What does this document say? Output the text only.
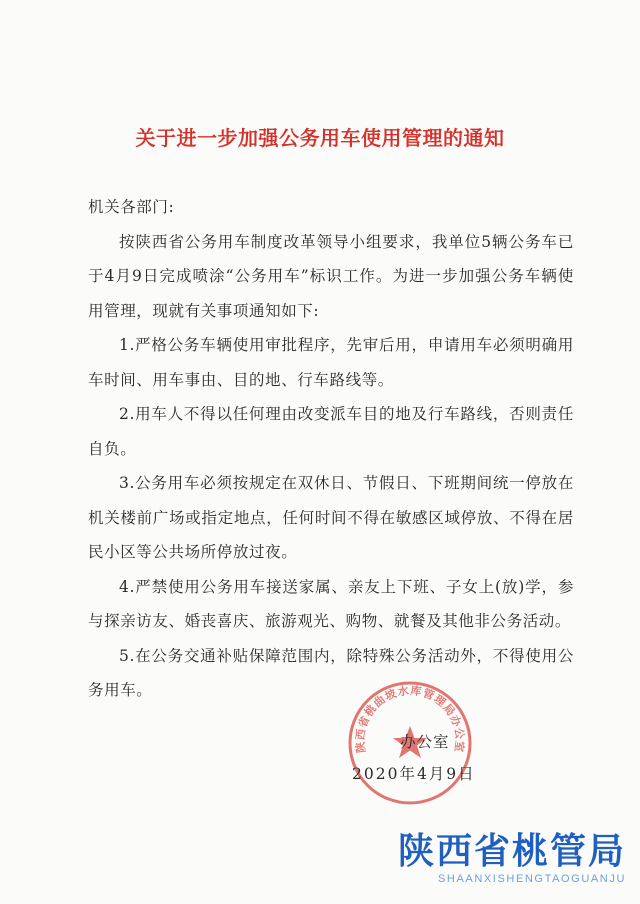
关于进一步加强公务用车使用管理的通知

机关各部门:

按陕西省公务用车制度改革领导小组要求，我单位5辆公务车已于4月9日完成喷涂“公务用车”标识工作。为进一步加强公务车辆使用管理，现就有关事项通知如下:

1.严格公务车辆使用审批程序，先审后用，申请用车必须明确用车时间、用车事由、目的地、行车路线等。

2.用车人不得以任何理由改变派车目的地及行车路线，否则责任自负。

3.公务用车必须按规定在双休日、节假日、下班期间统一停放在机关楼前广场或指定地点，任何时间不得在敏感区域停放、不得在居民小区等公共场所停放过夜。

4.严禁使用公务用车接送家属、亲友上下班、子女上(放)学，参与探亲访友、婚丧喜庆、旅游观光、购物、就餐及其他非公务活动。

5.在公务交通补贴保障范围内，除特殊公务活动外，不得使用公务用车。

陕西省桃曲坡水库管理局办公室
办公室
2020年4月9日
陕西省桃管局
SHAANXISHENGTAOGUANJU
